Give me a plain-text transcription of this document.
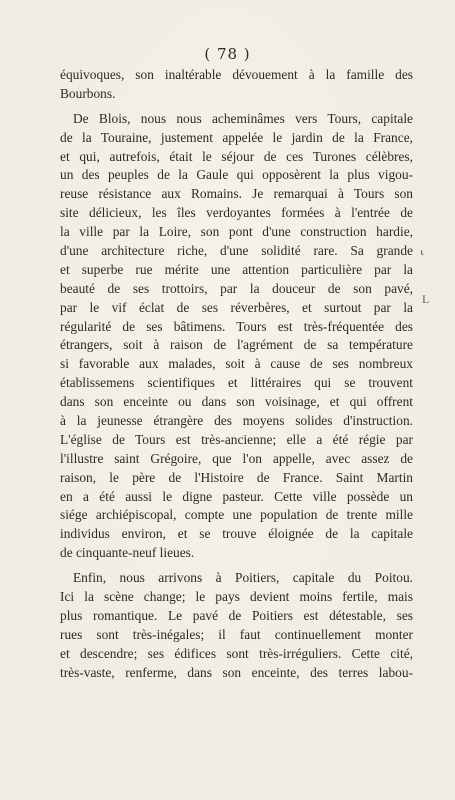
( 78 )
équivoques, son inaltérable dévouement à la famille des
Bourbons.
De Blois, nous nous acheminâmes vers Tours, capitale
de la Touraine, justement appelée le jardin de la France,
et qui, autrefois, était le séjour de ces Turones célèbres,
un des peuples de la Gaule qui opposèrent la plus vigou-
reuse résistance aux Romains. Je remarquai à Tours son
site délicieux, les îles verdoyantes formées à l'entrée de
la ville par la Loire, son pont d'une construction hardie,
d'une architecture riche, d'une solidité rare. Sa grande
et superbe rue mérite une attention particulière par la
beauté de ses trottoirs, par la douceur de son pavé,
par le vif éclat de ses réverbères, et surtout par la
régularité de ses bâtimens. Tours est très-fréquentée des
étrangers, soit à raison de l'agrément de sa température
si favorable aux malades, soit à cause de ses nombreux
établissemens scientifiques et littéraires qui se trouvent
dans son enceinte ou dans son voisinage, et qui offrent
à la jeunesse étrangère des moyens solides d'instruction.
L'église de Tours est très-ancienne; elle a été régie par
l'illustre saint Grégoire, que l'on appelle, avec assez de
raison, le père de l'Histoire de France. Saint Martin
en a été aussi le digne pasteur. Cette ville possède un
siége archiépiscopal, compte une population de trente mille
individus environ, et se trouve éloignée de la capitale
de cinquante-neuf lieues.
Enfin, nous arrivons à Poitiers, capitale du Poitou.
Ici la scène change; le pays devient moins fertile, mais
plus romantique. Le pavé de Poitiers est détestable, ses
rues sont très-inégales; il faut continuellement monter
et descendre; ses édifices sont très-irréguliers. Cette cité,
très-vaste, renferme, dans son enceinte, des terres labou-
⸤
L
